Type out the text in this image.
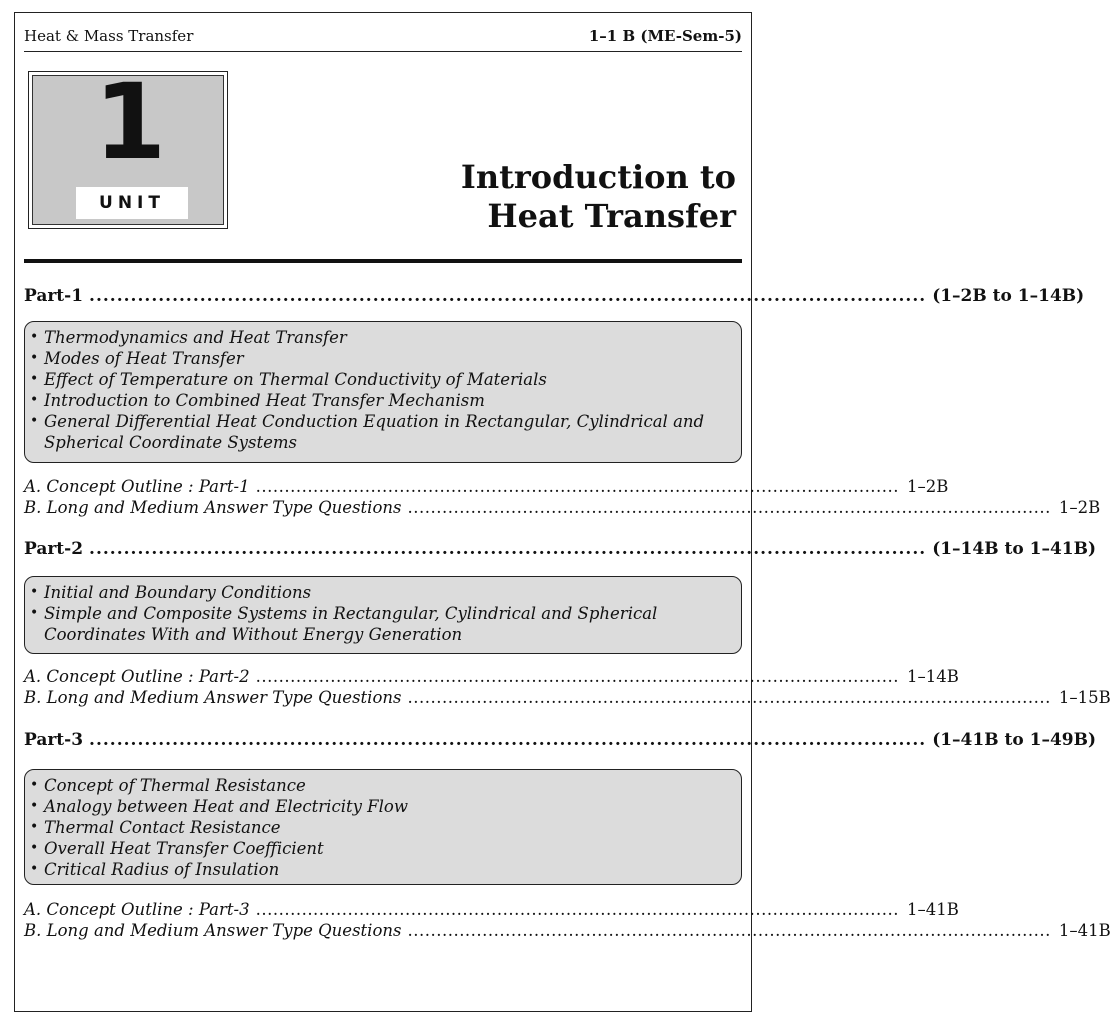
Heat & Mass Transfer	1–1 B (ME-Sem-5)
1
UNIT
Introduction to
Heat Transfer
Part-1 ......................................................................................................................... (1–2B to 1–14B)
• Thermodynamics and Heat Transfer
• Modes of Heat Transfer
• Effect of Temperature on Thermal Conductivity of Materials
• Introduction to Combined Heat Transfer Mechanism
• General Differential Heat Conduction Equation in Rectangular, Cylindrical and Spherical Coordinate Systems
A. Concept Outline : Part-1 ................................................................................................................ 1–2B
B. Long and Medium Answer Type Questions ................................................................................................................ 1–2B
Part-2 ......................................................................................................................... (1–14B to 1–41B)
• Initial and Boundary Conditions
• Simple and Composite Systems in Rectangular, Cylindrical and Spherical Coordinates With and Without Energy Generation
A. Concept Outline : Part-2 ................................................................................................................ 1–14B
B. Long and Medium Answer Type Questions ................................................................................................................ 1–15B
Part-3 ......................................................................................................................... (1–41B to 1–49B)
• Concept of Thermal Resistance
• Analogy between Heat and Electricity Flow
• Thermal Contact Resistance
• Overall Heat Transfer Coefficient
• Critical Radius of Insulation
A. Concept Outline : Part-3 ................................................................................................................ 1–41B
B. Long and Medium Answer Type Questions ................................................................................................................ 1–41B
